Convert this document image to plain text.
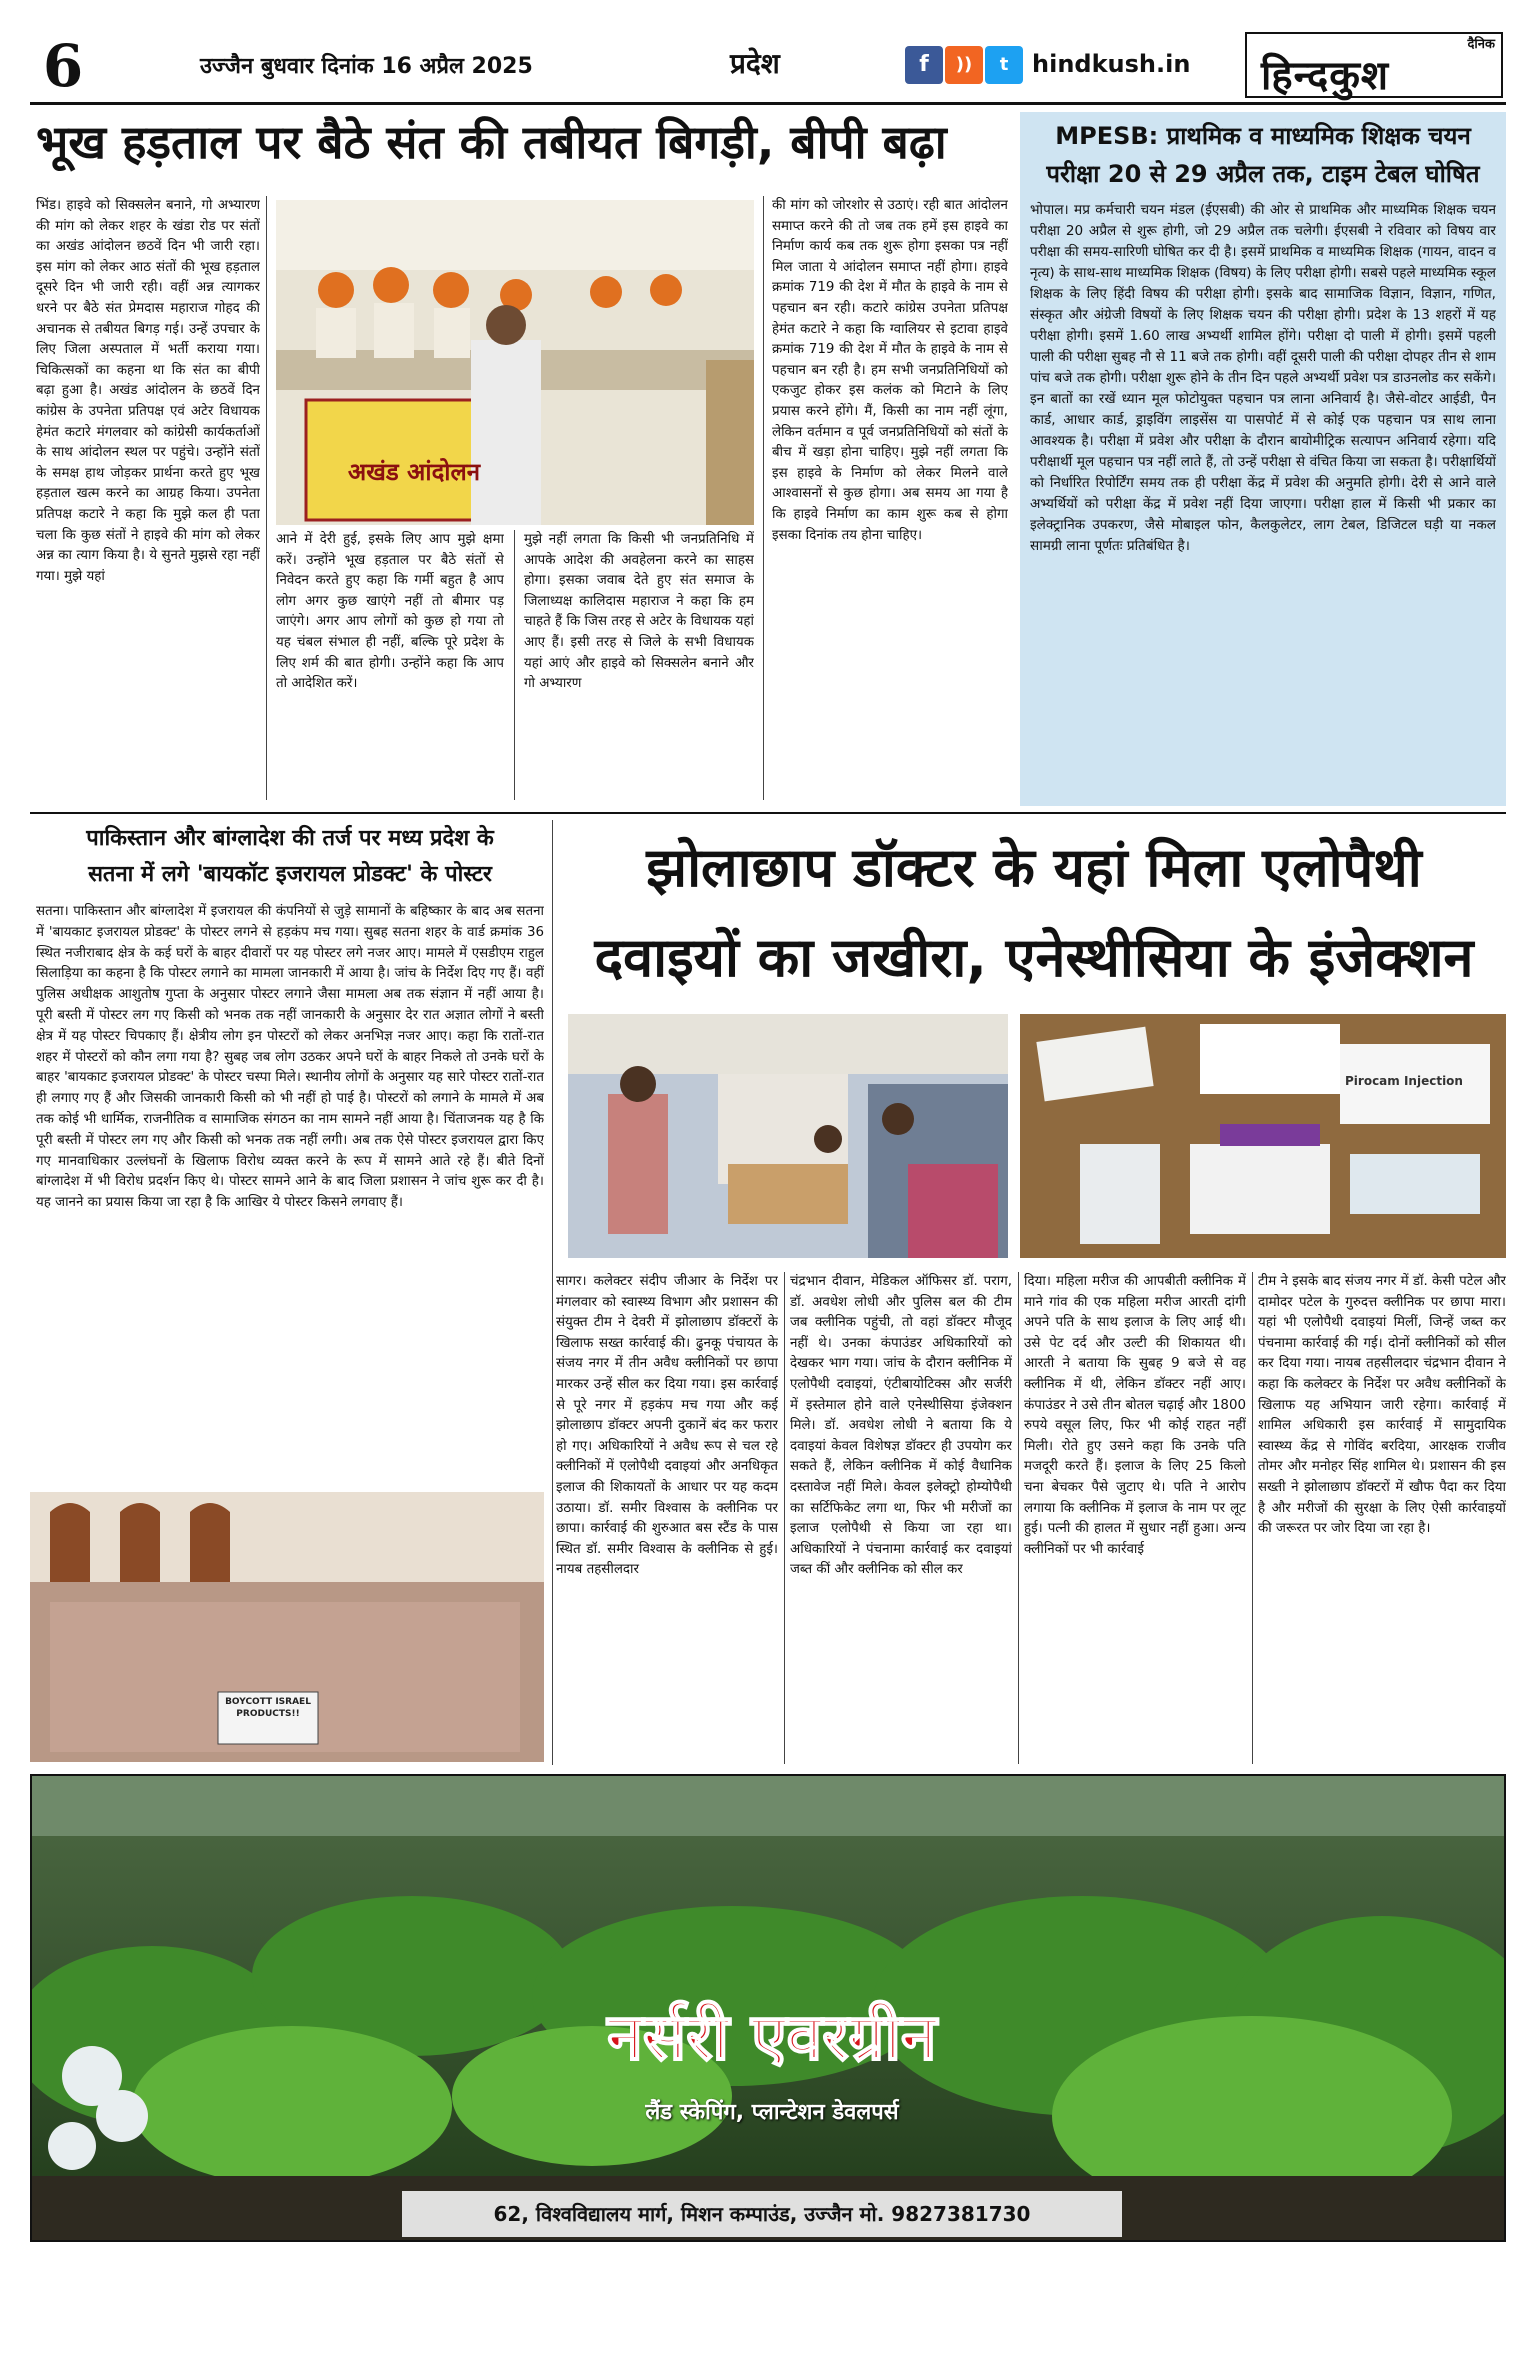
6	उज्जैन बुधवार दिनांक 16 अप्रैल 2025	प्रदेश	f	))	t hindkush.in
दैनिक
हिन्दकुश
भूख हड़ताल पर बैठे संत की तबीयत बिगड़ी, बीपी बढ़ा
भिंड। हाइवे को सिक्सलेन बनाने, गो अभ्यारण की मांग को लेकर शहर के खंडा रोड पर संतों का अखंड आंदोलन छठवें दिन भी जारी रहा। इस मांग को लेकर आठ संतों की भूख हड़ताल दूसरे दिन भी जारी रही। वहीं अन्न त्यागकर धरने पर बैठे संत प्रेमदास महाराज गोहद की अचानक से तबीयत बिगड़ गई। उन्हें उपचार के लिए जिला अस्पताल में भर्ती कराया गया। चिकित्सकों का कहना था कि संत का बीपी बढ़ा हुआ है। अखंड आंदोलन के छठवें दिन कांग्रेस के उपनेता प्रतिपक्ष एवं अटेर विधायक हेमंत कटारे मंगलवार को कांग्रेसी कार्यकर्ताओं के साथ आंदोलन स्थल पर पहुंचे। उन्होंने संतों के समक्ष हाथ जोड़कर प्रार्थना करते हुए भूख हड़ताल खत्म करने का आग्रह किया। उपनेता प्रतिपक्ष कटारे ने कहा कि मुझे कल ही पता चला कि कुछ संतों ने हाइवे की मांग को लेकर अन्न का त्याग किया है। ये सुनते मुझसे रहा नहीं गया। मुझे यहां
अखंड आंदोलन
आने में देरी हुई, इसके लिए आप मुझे क्षमा करें। उन्होंने भूख हड़ताल पर बैठे संतों से निवेदन करते हुए कहा कि गर्मी बहुत है आप लोग अगर कुछ खाएंगे नहीं तो बीमार पड़ जाएंगे। अगर आप लोगों को कुछ हो गया तो यह चंबल संभाल ही नहीं, बल्कि पूरे प्रदेश के लिए शर्म की बात होगी। उन्होंने कहा कि आप तो आदेशित करें।
मुझे नहीं लगता कि किसी भी जनप्रतिनिधि में आपके आदेश की अवहेलना करने का साहस होगा। इसका जवाब देते हुए संत समाज के जिलाध्यक्ष कालिदास महाराज ने कहा कि हम चाहते हैं कि जिस तरह से अटेर के विधायक यहां आए हैं। इसी तरह से जिले के सभी विधायक यहां आएं और हाइवे को सिक्सलेन बनाने और गो अभ्यारण
की मांग को जोरशोर से उठाएं। रही बात आंदोलन समाप्त करने की तो जब तक हमें इस हाइवे का निर्माण कार्य कब तक शुरू होगा इसका पत्र नहीं मिल जाता ये आंदोलन समाप्त नहीं होगा। हाइवे क्रमांक 719 की देश में मौत के हाइवे के नाम से पहचान बन रही। कटारे कांग्रेस उपनेता प्रतिपक्ष हेमंत कटारे ने कहा कि ग्वालियर से इटावा हाइवे क्रमांक 719 की देश में मौत के हाइवे के नाम से पहचान बन रही है। हम सभी जनप्रतिनिधियों को एकजुट होकर इस कलंक को मिटाने के लिए प्रयास करने होंगे। मैं, किसी का नाम नहीं लूंगा, लेकिन वर्तमान व पूर्व जनप्रतिनिधियों को संतों के बीच में खड़ा होना चाहिए। मुझे नहीं लगता कि इस हाइवे के निर्माण को लेकर मिलने वाले आश्वासनों से कुछ होगा। अब समय आ गया है कि हाइवे निर्माण का काम शुरू कब से होगा इसका दिनांक तय होना चाहिए।
MPESB: प्राथमिक व माध्यमिक शिक्षक चयन
परीक्षा 20 से 29 अप्रैल तक, टाइम टेबल घोषित
भोपाल। मप्र कर्मचारी चयन मंडल (ईएसबी) की ओर से प्राथमिक और माध्यमिक शिक्षक चयन परीक्षा 20 अप्रैल से शुरू होगी, जो 29 अप्रैल तक चलेगी। ईएसबी ने रविवार को विषय वार परीक्षा की समय-सारिणी घोषित कर दी है। इसमें प्राथमिक व माध्यमिक शिक्षक (गायन, वादन व नृत्य) के साथ-साथ माध्यमिक शिक्षक (विषय) के लिए परीक्षा होगी। सबसे पहले माध्यमिक स्कूल शिक्षक के लिए हिंदी विषय की परीक्षा होगी। इसके बाद सामाजिक विज्ञान, विज्ञान, गणित, संस्कृत और अंग्रेजी विषयों के लिए शिक्षक चयन की परीक्षा होगी। प्रदेश के 13 शहरों में यह परीक्षा होगी। इसमें 1.60 लाख अभ्यर्थी शामिल होंगे। परीक्षा दो पाली में होगी। इसमें पहली पाली की परीक्षा सुबह नौ से 11 बजे तक होगी। वहीं दूसरी पाली की परीक्षा दोपहर तीन से शाम पांच बजे तक होगी। परीक्षा शुरू होने के तीन दिन पहले अभ्यर्थी प्रवेश पत्र डाउनलोड कर सकेंगे। इन बातों का रखें ध्यान मूल फोटोयुक्त पहचान पत्र लाना अनिवार्य है। जैसे-वोटर आईडी, पैन कार्ड, आधार कार्ड, ड्राइविंग लाइसेंस या पासपोर्ट में से कोई एक पहचान पत्र साथ लाना आवश्यक है। परीक्षा में प्रवेश और परीक्षा के दौरान बायोमीट्रिक सत्यापन अनिवार्य रहेगा। यदि परीक्षार्थी मूल पहचान पत्र नहीं लाते हैं, तो उन्हें परीक्षा से वंचित किया जा सकता है। परीक्षार्थियों को निर्धारित रिपोर्टिंग समय तक ही परीक्षा केंद्र में प्रवेश की अनुमति होगी। देरी से आने वाले अभ्यर्थियों को परीक्षा केंद्र में प्रवेश नहीं दिया जाएगा। परीक्षा हाल में किसी भी प्रकार का इलेक्ट्रानिक उपकरण, जैसे मोबाइल फोन, कैलकुलेटर, लाग टेबल, डिजिटल घड़ी या नकल सामग्री लाना पूर्णतः प्रतिबंधित है।
पाकिस्तान और बांग्लादेश की तर्ज पर मध्य प्रदेश के
सतना में लगे 'बायकॉट इजरायल प्रोडक्ट' के पोस्टर
सतना। पाकिस्तान और बांग्लादेश में इजरायल की कंपनियों से जुड़े सामानों के बहिष्कार के बाद अब सतना में 'बायकाट इजरायल प्रोडक्ट' के पोस्टर लगने से हड़कंप मच गया। सुबह सतना शहर के वार्ड क्रमांक 36 स्थित नजीराबाद क्षेत्र के कई घरों के बाहर दीवारों पर यह पोस्टर लगे नजर आए। मामले में एसडीएम राहुल सिलाड़िया का कहना है कि पोस्टर लगाने का मामला जानकारी में आया है। जांच के निर्देश दिए गए हैं। वहीं पुलिस अधीक्षक आशुतोष गुप्ता के अनुसार पोस्टर लगाने जैसा मामला अब तक संज्ञान में नहीं आया है। पूरी बस्ती में पोस्टर लग गए किसी को भनक तक नहीं जानकारी के अनुसार देर रात अज्ञात लोगों ने बस्ती क्षेत्र में यह पोस्टर चिपकाए हैं। क्षेत्रीय लोग इन पोस्टरों को लेकर अनभिज्ञ नजर आए। कहा कि रातों-रात शहर में पोस्टरों को कौन लगा गया है? सुबह जब लोग उठकर अपने घरों के बाहर निकले तो उनके घरों के बाहर 'बायकाट इजरायल प्रोडक्ट' के पोस्टर चस्पा मिले। स्थानीय लोगों के अनुसार यह सारे पोस्टर रातों-रात ही लगाए गए हैं और जिसकी जानकारी किसी को भी नहीं हो पाई है। पोस्टरों को लगाने के मामले में अब तक कोई भी धार्मिक, राजनीतिक व सामाजिक संगठन का नाम सामने नहीं आया है। चिंताजनक यह है कि पूरी बस्ती में पोस्टर लग गए और किसी को भनक तक नहीं लगी। अब तक ऐसे पोस्टर इजरायल द्वारा किए गए मानवाधिकार उल्लंघनों के खिलाफ विरोध व्यक्त करने के रूप में सामने आते रहे हैं। बीते दिनों बांग्लादेश में भी विरोध प्रदर्शन किए थे। पोस्टर सामने आने के बाद जिला प्रशासन ने जांच शुरू कर दी है। यह जानने का प्रयास किया जा रहा है कि आखिर ये पोस्टर किसने लगवाए हैं।
BOYCOTT ISRAEL PRODUCTS!!
झोलाछाप डॉक्टर के यहां मिला एलोपैथी
दवाइयों का जखीरा, एनेस्थीसिया के इंजेक्शन
Pirocam Injection
सागर। कलेक्टर संदीप जीआर के निर्देश पर मंगलवार को स्वास्थ्य विभाग और प्रशासन की संयुक्त टीम ने देवरी में झोलाछाप डॉक्टरों के खिलाफ सख्त कार्रवाई की। ढुनकू पंचायत के संजय नगर में तीन अवैध क्लीनिकों पर छापा मारकर उन्हें सील कर दिया गया। इस कार्रवाई से पूरे नगर में हड़कंप मच गया और कई झोलाछाप डॉक्टर अपनी दुकानें बंद कर फरार हो गए। अधिकारियों ने अवैध रूप से चल रहे क्लीनिकों में एलोपैथी दवाइयां और अनधिकृत इलाज की शिकायतों के आधार पर यह कदम उठाया। डॉ. समीर विश्वास के क्लीनिक पर छापा। कार्रवाई की शुरुआत बस स्टैंड के पास स्थित डॉ. समीर विश्वास के क्लीनिक से हुई। नायब तहसीलदार
चंद्रभान दीवान, मेडिकल ऑफिसर डॉ. पराग, डॉ. अवधेश लोधी और पुलिस बल की टीम जब क्लीनिक पहुंची, तो वहां डॉक्टर मौजूद नहीं थे। उनका कंपाउंडर अधिकारियों को देखकर भाग गया। जांच के दौरान क्लीनिक में एलोपैथी दवाइयां, एंटीबायोटिक्स और सर्जरी में इस्तेमाल होने वाले एनेस्थीसिया इंजेक्शन मिले। डॉ. अवधेश लोधी ने बताया कि ये दवाइयां केवल विशेषज्ञ डॉक्टर ही उपयोग कर सकते हैं, लेकिन क्लीनिक में कोई वैधानिक दस्तावेज नहीं मिले। केवल इलेक्ट्रो होम्योपैथी का सर्टिफिकेट लगा था, फिर भी मरीजों का इलाज एलोपैथी से किया जा रहा था। अधिकारियों ने पंचनामा कार्रवाई कर दवाइयां जब्त कीं और क्लीनिक को सील कर
दिया। महिला मरीज की आपबीती क्लीनिक में माने गांव की एक महिला मरीज आरती दांगी अपने पति के साथ इलाज के लिए आई थी। उसे पेट दर्द और उल्टी की शिकायत थी। आरती ने बताया कि सुबह 9 बजे से वह क्लीनिक में थी, लेकिन डॉक्टर नहीं आए। कंपाउंडर ने उसे तीन बोतल चढ़ाई और 1800 रुपये वसूल लिए, फिर भी कोई राहत नहीं मिली। रोते हुए उसने कहा कि उनके पति मजदूरी करते हैं। इलाज के लिए 25 किलो चना बेचकर पैसे जुटाए थे। पति ने आरोप लगाया कि क्लीनिक में इलाज के नाम पर लूट हुई। पत्नी की हालत में सुधार नहीं हुआ। अन्य क्लीनिकों पर भी कार्रवाई
टीम ने इसके बाद संजय नगर में डॉ. केसी पटेल और दामोदर पटेल के गुरुदत्त क्लीनिक पर छापा मारा। यहां भी एलोपैथी दवाइयां मिलीं, जिन्हें जब्त कर पंचनामा कार्रवाई की गई। दोनों क्लीनिकों को सील कर दिया गया। नायब तहसीलदार चंद्रभान दीवान ने कहा कि कलेक्टर के निर्देश पर अवैध क्लीनिकों के खिलाफ यह अभियान जारी रहेगा। कार्रवाई में शामिल अधिकारी इस कार्रवाई में सामुदायिक स्वास्थ्य केंद्र से गोविंद बरदिया, आरक्षक राजीव तोमर और मनोहर सिंह शामिल थे। प्रशासन की इस सख्ती ने झोलाछाप डॉक्टरों में खौफ पैदा कर दिया है और मरीजों की सुरक्षा के लिए ऐसी कार्रवाइयों की जरूरत पर जोर दिया जा रहा है।
नर्सरी एवरग्रीन
लैंड स्केपिंग, प्लान्टेशन डेवलपर्स
62, विश्वविद्यालय मार्ग, मिशन कम्पाउंड, उज्जैन मो. 9827381730
